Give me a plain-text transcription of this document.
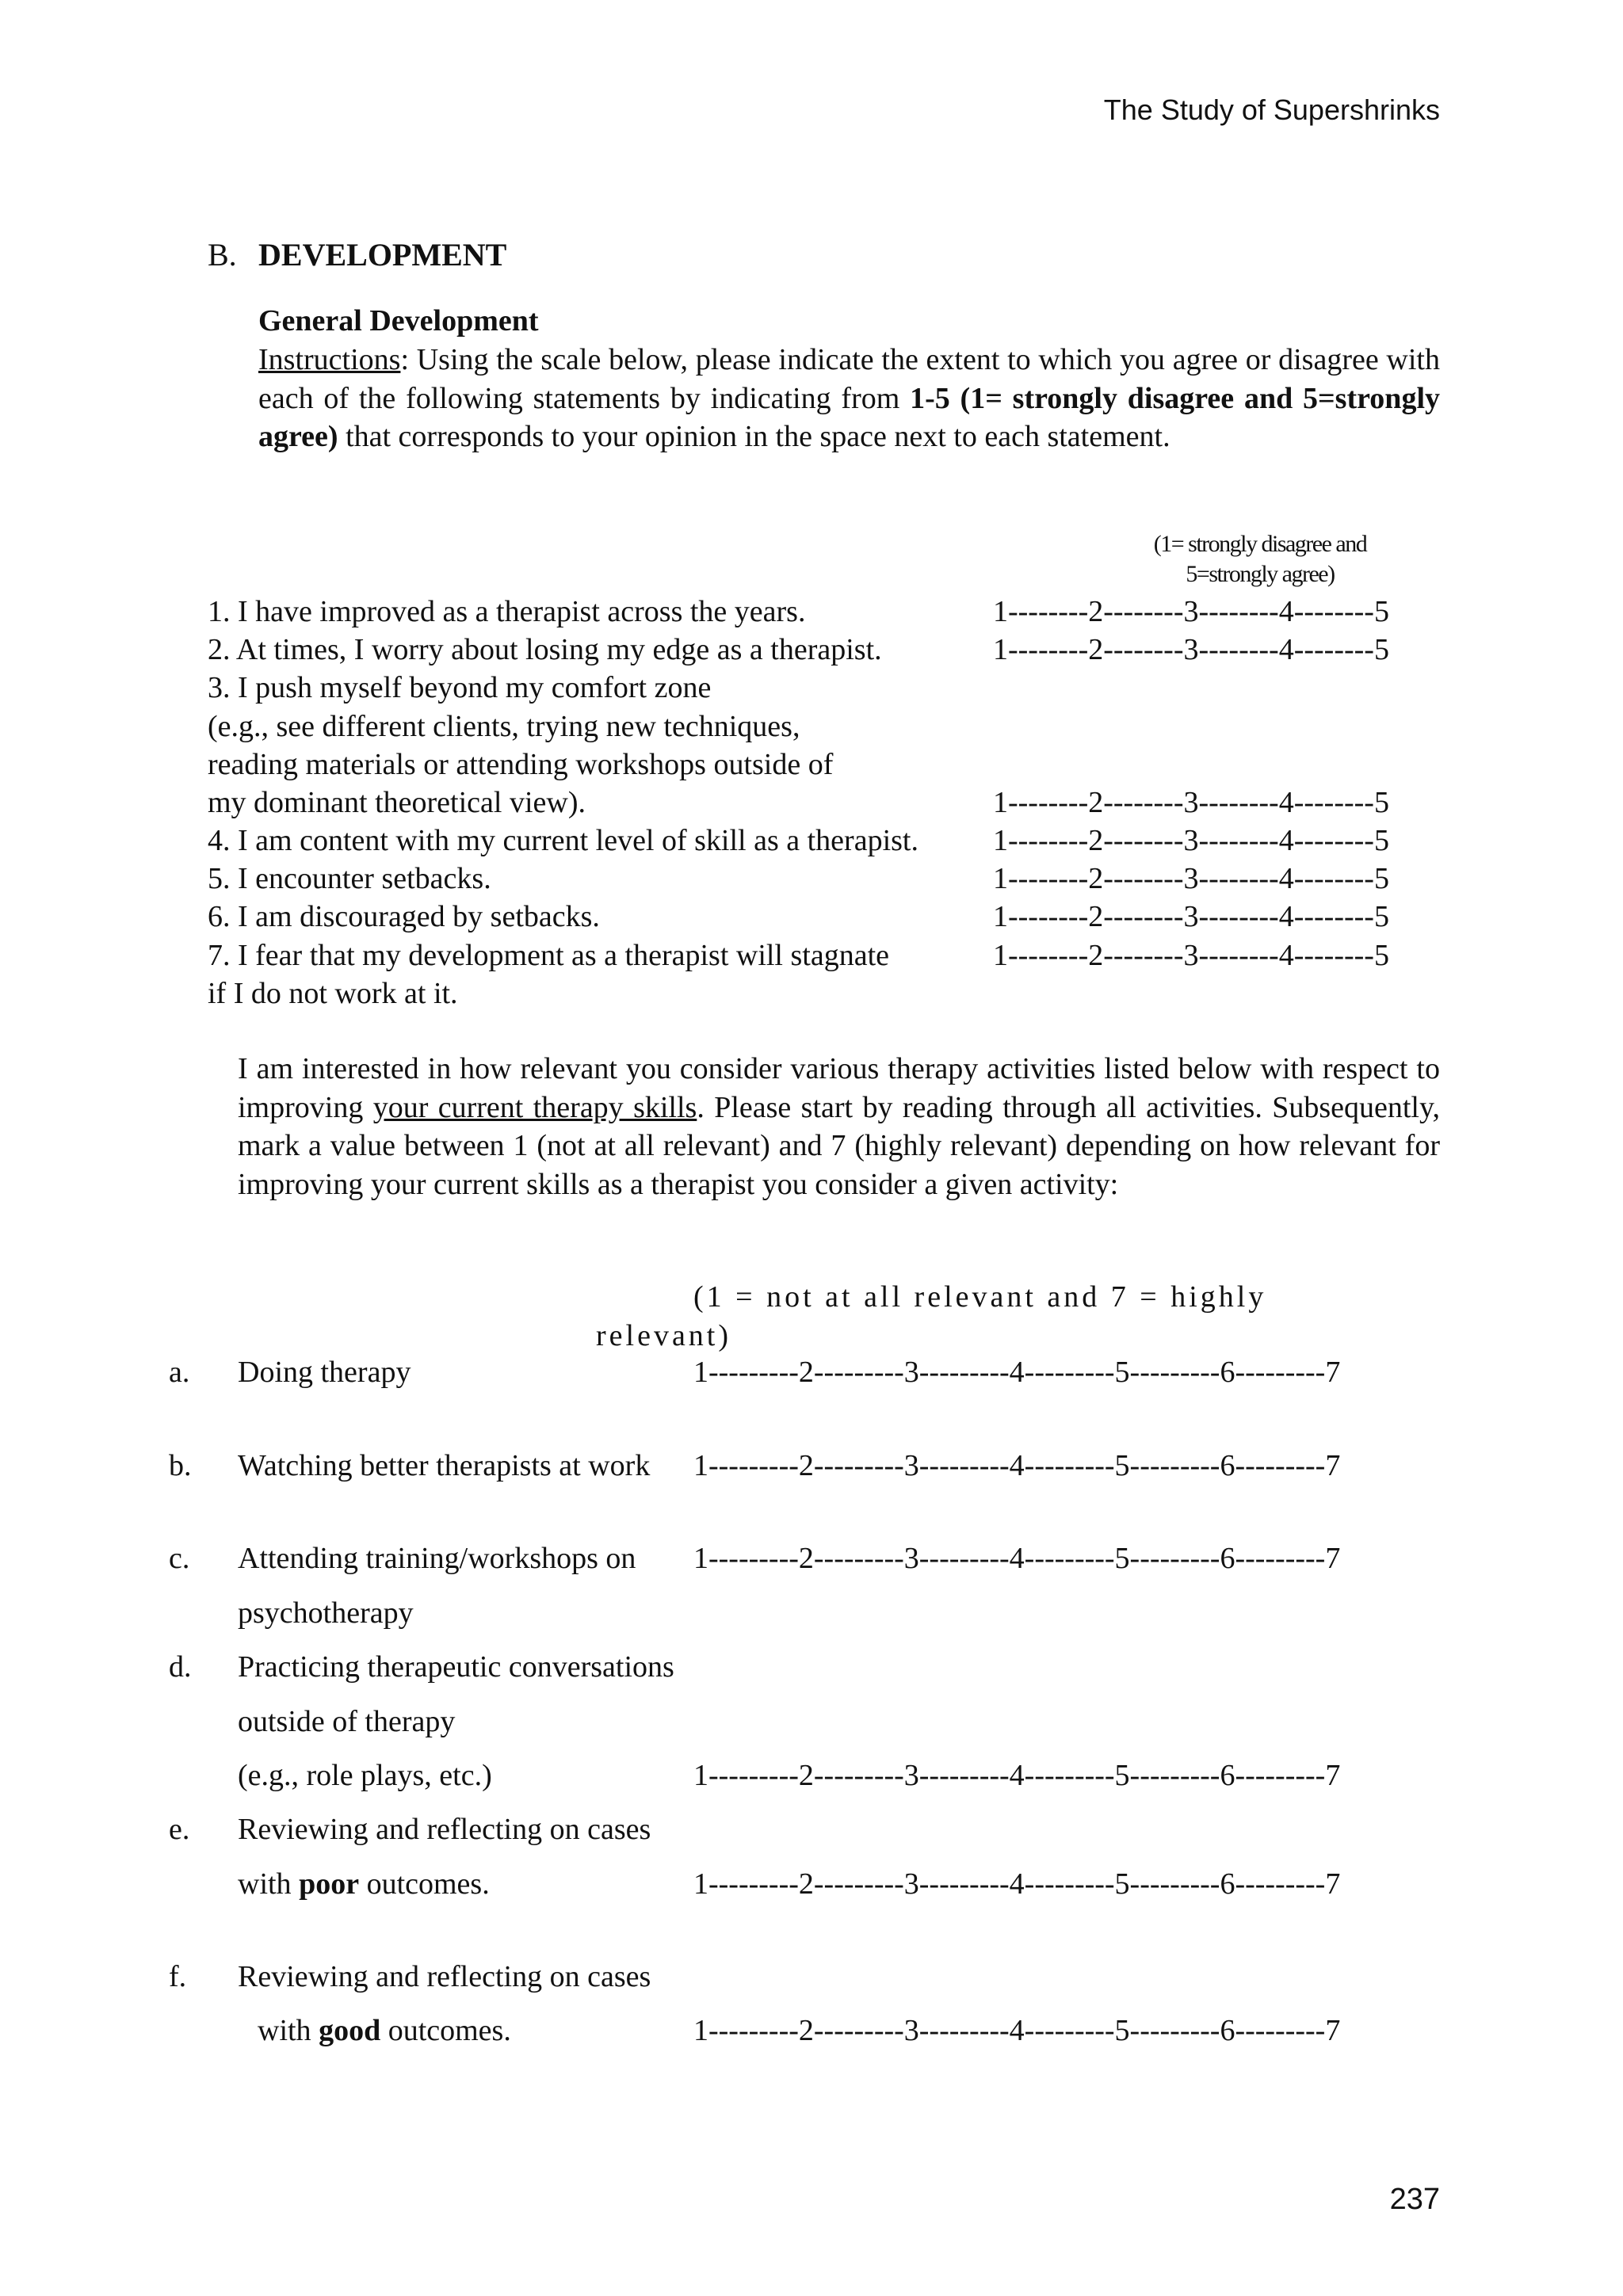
The Study of Supershrinks
B. DEVELOPMENT
General Development
Instructions: Using the scale below, please indicate the extent to which you agree or disagree with each of the following statements by indicating from 1-5 (1= strongly disagree and 5=strongly agree) that corresponds to your opinion in the space next to each statement.
(1= strongly disagree and
5=strongly agree)
1. I have improved as a therapist across the years.	1--------2--------3--------4--------5
2. At times, I worry about losing my edge as a therapist.	1--------2--------3--------4--------5
3. I push myself beyond my comfort zone
(e.g., see different clients, trying new techniques,
reading materials or attending workshops outside of
my dominant theoretical view).	1--------2--------3--------4--------5
4. I am content with my current level of skill as a therapist. 1--------2--------3--------4--------5
5. I encounter setbacks.	1--------2--------3--------4--------5
6. I am discouraged by setbacks.	1--------2--------3--------4--------5
7. I fear that my development as a therapist will stagnate	1--------2--------3--------4--------5
if I do not work at it.
I am interested in how relevant you consider various therapy activities listed below with respect to improving your current therapy skills. Please start by reading through all activities. Subsequently, mark a value between 1 (not at all relevant) and 7 (highly relevant) depending on how relevant for improving your current skills as a therapist you consider a given activity:
(1 = not at all relevant and 7 = highly
relevant)
a. Doing therapy	1---------2---------3---------4---------5---------6---------7
b. Watching better therapists at work 1---------2---------3---------4---------5---------6---------7
c. Attending training/workshops on 1---------2---------3---------4---------5---------6---------7
psychotherapy
d. Practicing therapeutic conversations
outside of therapy
(e.g., role plays, etc.)	1---------2---------3---------4---------5---------6---------7
e. Reviewing and reflecting on cases
with poor outcomes.	1---------2---------3---------4---------5---------6---------7
f. Reviewing and reflecting on cases
with good outcomes.	1---------2---------3---------4---------5---------6---------7
237
